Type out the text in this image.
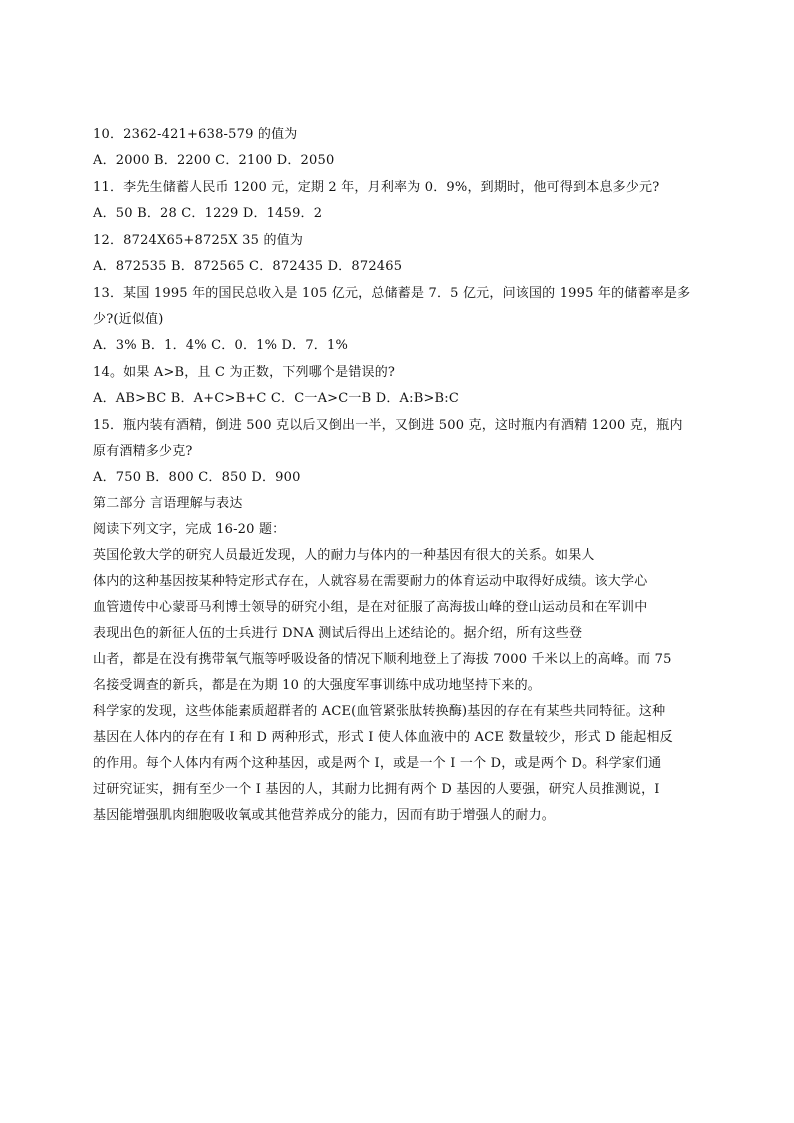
10．2362-421+638-579 的值为

A．2000 B．2200 C．2100 D．2050

11．李先生储蓄人民币 1200 元，定期 2 年，月利率为 0．9%，到期时，他可得到本息多少元?

A．50 B．28 C．1229 D．1459．2

12．8724X65+8725X 35 的值为

A．872535 B．872565 C．872435 D．872465

13．某国 1995 年的国民总收入是 105 亿元，总储蓄是 7．5 亿元，问该国的 1995 年的储蓄率是多

少?(近似值)

A．3% B．1．4% C．0．1% D．7．1%

14。如果 A>B，且 C 为正数，下列哪个是错误的?

A．AB>BC B．A+C>B+C C．C一A>C一B D．A:B>B:C

15．瓶内装有酒精，倒进 500 克以后又倒出一半，又倒进 500 克，这时瓶内有酒精 1200 克，瓶内

原有酒精多少克?

A．750 B．800 C．850 D．900

第二部分 言语理解与表达

阅读下列文字，完成 16-20 题：

英国伦敦大学的研究人员最近发现，人的耐力与体内的一种基因有很大的关系。如果人

体内的这种基因按某种特定形式存在，人就容易在需要耐力的体育运动中取得好成绩。该大学心

血管遗传中心蒙哥马利博士领导的研究小组，是在对征服了高海拔山峰的登山运动员和在军训中

表现出色的新征人伍的士兵进行 DNA 测试后得出上述结论的。据介绍，所有这些登

山者，都是在没有携带氧气瓶等呼吸设备的情况下顺利地登上了海拔 7000 千米以上的高峰。而 75

名接受调查的新兵，都是在为期 10 的大强度军事训练中成功地坚持下来的。

科学家的发现，这些体能素质超群者的 ACE(血管紧张肽转换酶)基因的存在有某些共同特征。这种

基因在人体内的存在有 I 和 D 两种形式，形式 I 使人体血液中的 ACE 数量较少，形式 D 能起相反

的作用。每个人体内有两个这种基因，或是两个 I，或是一个 I 一个 D，或是两个 D。科学家们通

过研究证实，拥有至少一个 I 基因的人，其耐力比拥有两个 D 基因的人要强，研究人员推测说，I

基因能增强肌肉细胞吸收氧或其他营养成分的能力，因而有助于增强人的耐力。
